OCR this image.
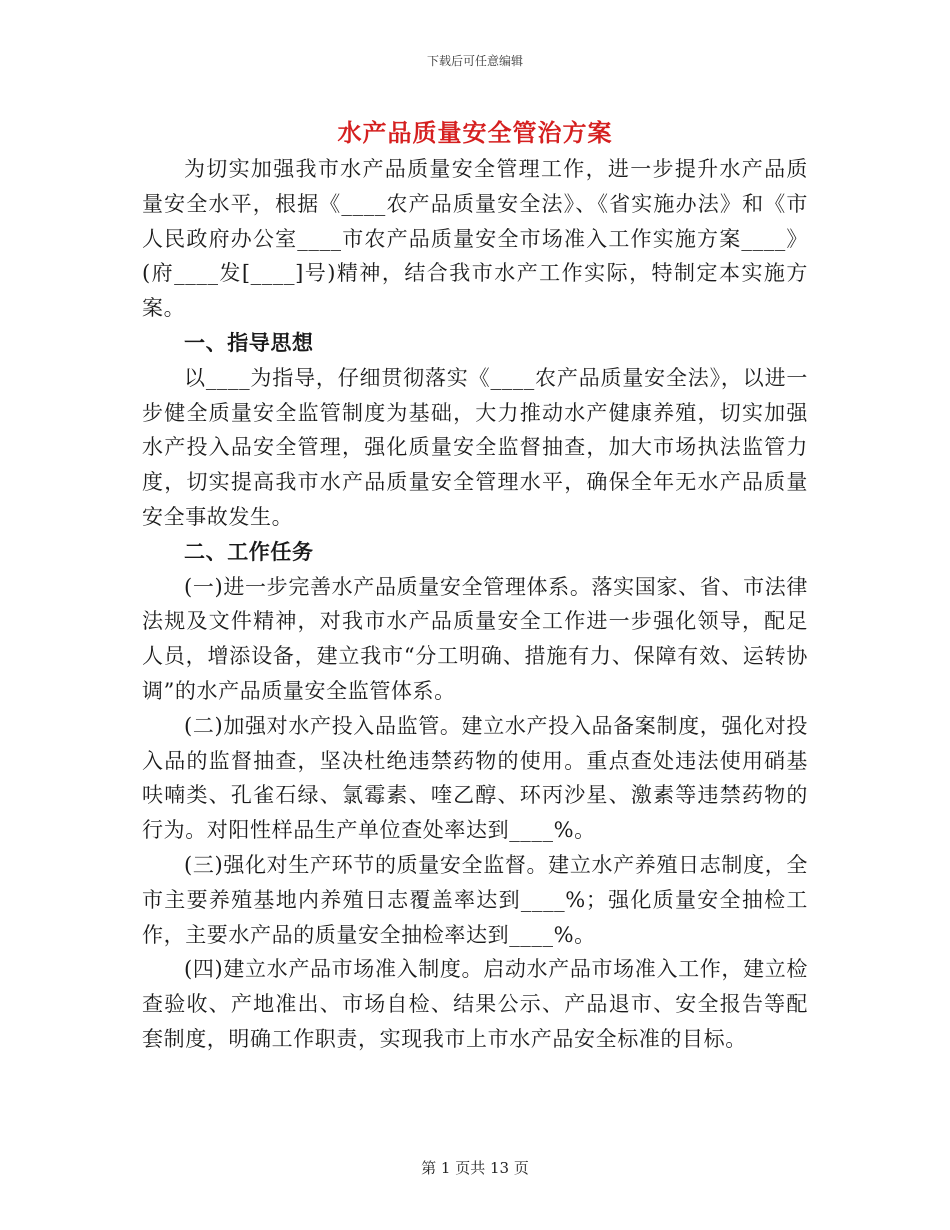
下载后可任意编辑
水产品质量安全管治方案

为切实加强我市水产品质量安全管理工作，进一步提升水产品质量安全水平，根据《____农产品质量安全法》、《省实施办法》和《市人民政府办公室____市农产品质量安全市场准入工作实施方案____》(府____发[____]号)精神，结合我市水产工作实际，特制定本实施方案。

一、指导思想

以____为指导，仔细贯彻落实《____农产品质量安全法》，以进一步健全质量安全监管制度为基础，大力推动水产健康养殖，切实加强水产投入品安全管理，强化质量安全监督抽查，加大市场执法监管力度，切实提高我市水产品质量安全管理水平，确保全年无水产品质量安全事故发生。

二、工作任务

(一)进一步完善水产品质量安全管理体系。落实国家、省、市法律法规及文件精神，对我市水产品质量安全工作进一步强化领导，配足人员，增添设备，建立我市“分工明确、措施有力、保障有效、运转协调”的水产品质量安全监管体系。

(二)加强对水产投入品监管。建立水产投入品备案制度，强化对投入品的监督抽查，坚决杜绝违禁药物的使用。重点查处违法使用硝基呋喃类、孔雀石绿、氯霉素、喹乙醇、环丙沙星、激素等违禁药物的行为。对阳性样品生产单位查处率达到____%。

(三)强化对生产环节的质量安全监督。建立水产养殖日志制度，全市主要养殖基地内养殖日志覆盖率达到____%；强化质量安全抽检工作，主要水产品的质量安全抽检率达到____%。

(四)建立水产品市场准入制度。启动水产品市场准入工作，建立检查验收、产地准出、市场自检、结果公示、产品退市、安全报告等配套制度，明确工作职责，实现我市上市水产品安全标准的目标。

第 1 页共 13 页
